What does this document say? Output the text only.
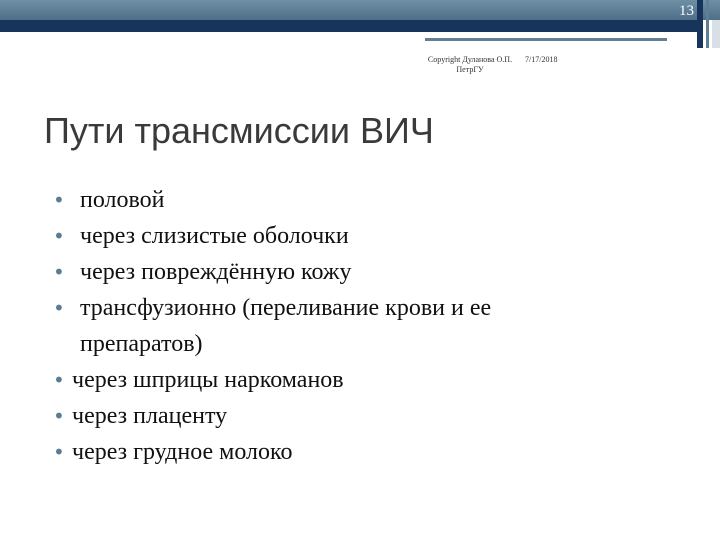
13
Copyright Дуланова О.П. ПетрГУ
7/17/2018
Пути трансмиссии ВИЧ
• половой
• через слизистые оболочки
• через повреждённую кожу
• трансфузионно (переливание крови и ее препаратов)
• через шприцы наркоманов
• через плаценту
• через грудное молоко
